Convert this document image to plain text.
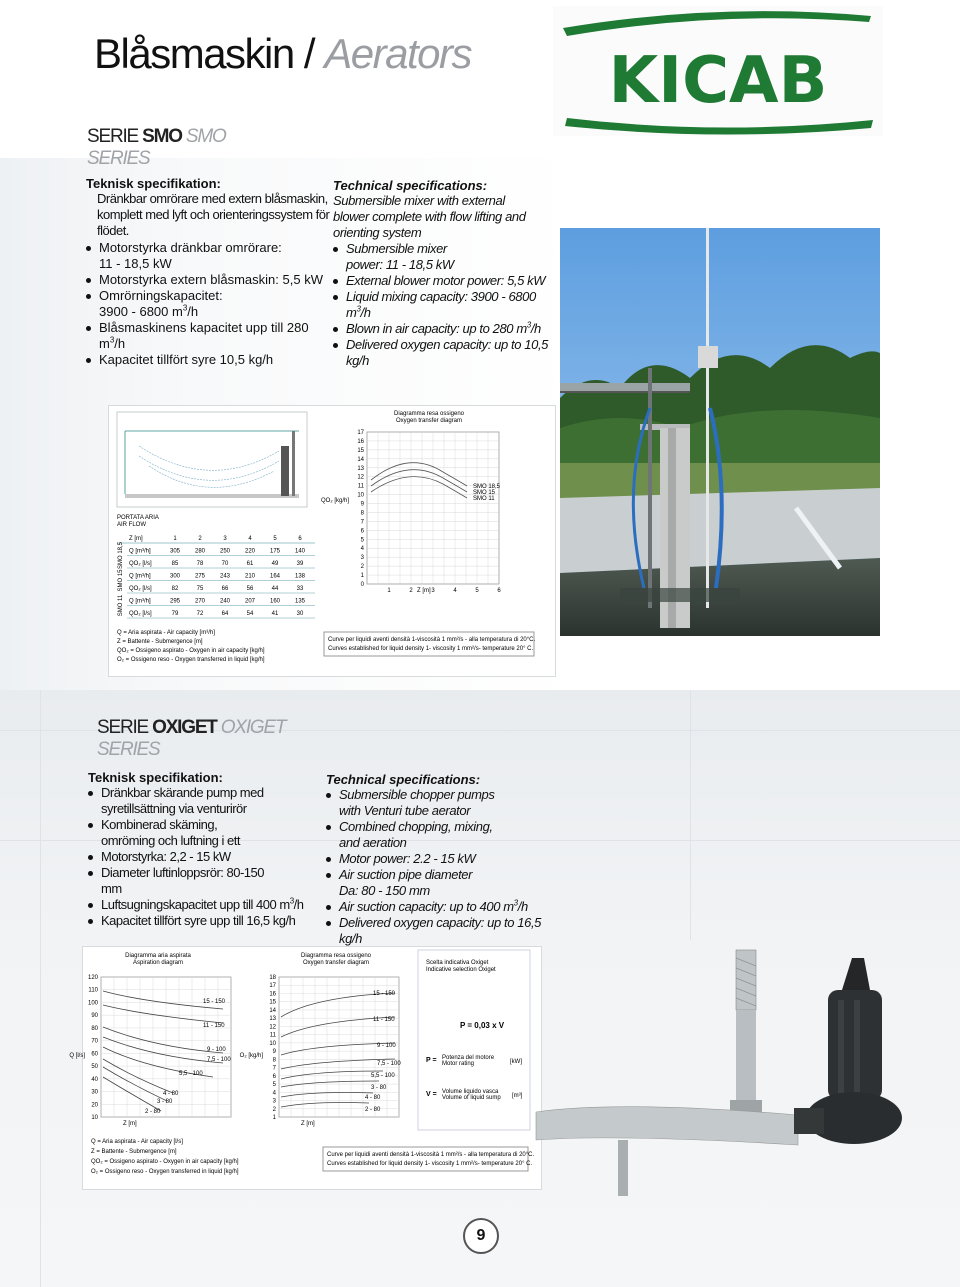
Blåsmaskin / Aerators KICAB
SERIE SMO SMO
SERIES
Teknisk specifikation:
Dränkbar omrörare med extern blåsmaskin,
komplett med lyft och orienteringssystem för
flödet.
Motorstyrka dränkbar omrörare:
11 - 18,5 kW
Motorstyrka extern blåsmaskin: 5,5 kW
Omrörningskapacitet:
3900 - 6800 $m^3/h$
Blåsmaskinens kapacitet upp till 280 $m^3/h$
Kapacitet tillfört syre 10,5 kg/h
Technical specifications:
Submersible mixer with external
blower complete with flow lifting and
orienting system
Submersible mixer
power: 11 - 18,5 kW
External blower motor power: 5,5 kW
Liquid mixing capacity: 3900 - 6800
$m^3/h$
Blown in air capacity: up to 280 $m^3/h$
Delivered oxygen capacity: up to 10,5
kg/h
PORTATA ARIA
AIR FLOW
Z [m]	1	2	3	4	5	6
Q [m³/h]	305 280 250 220 175 140
QO₂ [l/s]	85	78	70	61	49	39
Q [m³/h]	300 275 243 210 164 138
QO₂ [l/s]	82	75	66	56	44	33
Q [m³/h]	295 270 240 207 160 135
QO₂ [l/s]	79	72	64	54	41	30
SMO 18,5
SMO 15
SMO 11
Q = Aria aspirata - Air capacity [m³/h]
Z = Battente - Submergence [m]
QO₂ = Ossigeno aspirato - Oxygen in air capacity [kg/h]
O₂ = Ossigeno reso - Oxygen transferred in liquid [kg/h]
Diagramma resa ossigeno
Oxygen transfer diagram
17
16
15
14
13
12
11
10
9
8
7
6
5
4
3
2
1
0
1	2	3	4	5	6
QO₂ [kg/h]
Z [m]
SMO 18,5
SMO 15
SMO 11
Curve per liquidi aventi densità 1-viscosità 1 mm²/s - alla temperatura di 20°C.
Curves established for liquid density 1- viscosity 1 mm²/s- temperature 20° C.
SERIE OXIGET OXIGET
SERIES
Teknisk specifikation:
Dränkbar skärande pump med
syretillsättning via venturirör
Kombinerad skäming,
omröming och luftning i ett
Motorstyrka: 2,2 - 15 kW
Diameter luftinloppsrör: 80-150
mm
Luftsugningskapacitet upp till 400 $m^3/h$
Kapacitet tillfört syre upp till 16,5 kg/h
Technical specifications:
Submersible chopper pumps
with Venturi tube aerator
Combined chopping, mixing,
and aeration
Motor power: 2.2 - 15 kW
Air suction pipe diameter
Da: 80 - 150 mm
Air suction capacity: up to 400 $m^3/h$
Delivered oxygen capacity: up to 16,5 kg/h
Diagramma aria aspirata
Aspiration diagram
120
110
100
90
80
70
60
50
40
30
20
10
Q [l/s]
Z [m]
15 - 150
11 - 150
9 - 100
7,5 - 100
5,5 - 100
4 - 80
3 - 80
2 - 80
Diagramma resa ossigeno
Oxygen transfer diagram
18
17
16
15
14
13
12
11
10
9
8
7
6
5
4
3
2
1
O₂ [kg/h]
Z [m]
15 - 150
11 - 150
9 - 100
7,5 - 100
5,5 - 100
3 - 80
4 - 80
2 - 80
Q = Aria aspirata - Air capacity [l/s]
Z = Battente - Submergence [m]
QO₂ = Ossigeno aspirato - Oxygen in air capacity [kg/h]
O₂ = Ossigeno reso - Oxygen transferred in liquid [kg/h]
Curve per liquidi aventi densità 1-viscosità 1 mm²/s - alla temperatura di 20°C.
Curves established for liquid density 1- viscosity 1 mm²/s- temperature 20° C.
Scelta indicativa Oxiget
Indicative selection Oxiget
P = 0,03 x V
P = Potenza del motore
Motor rating	[kW]
V = Volume liquido vasca
Volume of liquid sump [m³]
9
